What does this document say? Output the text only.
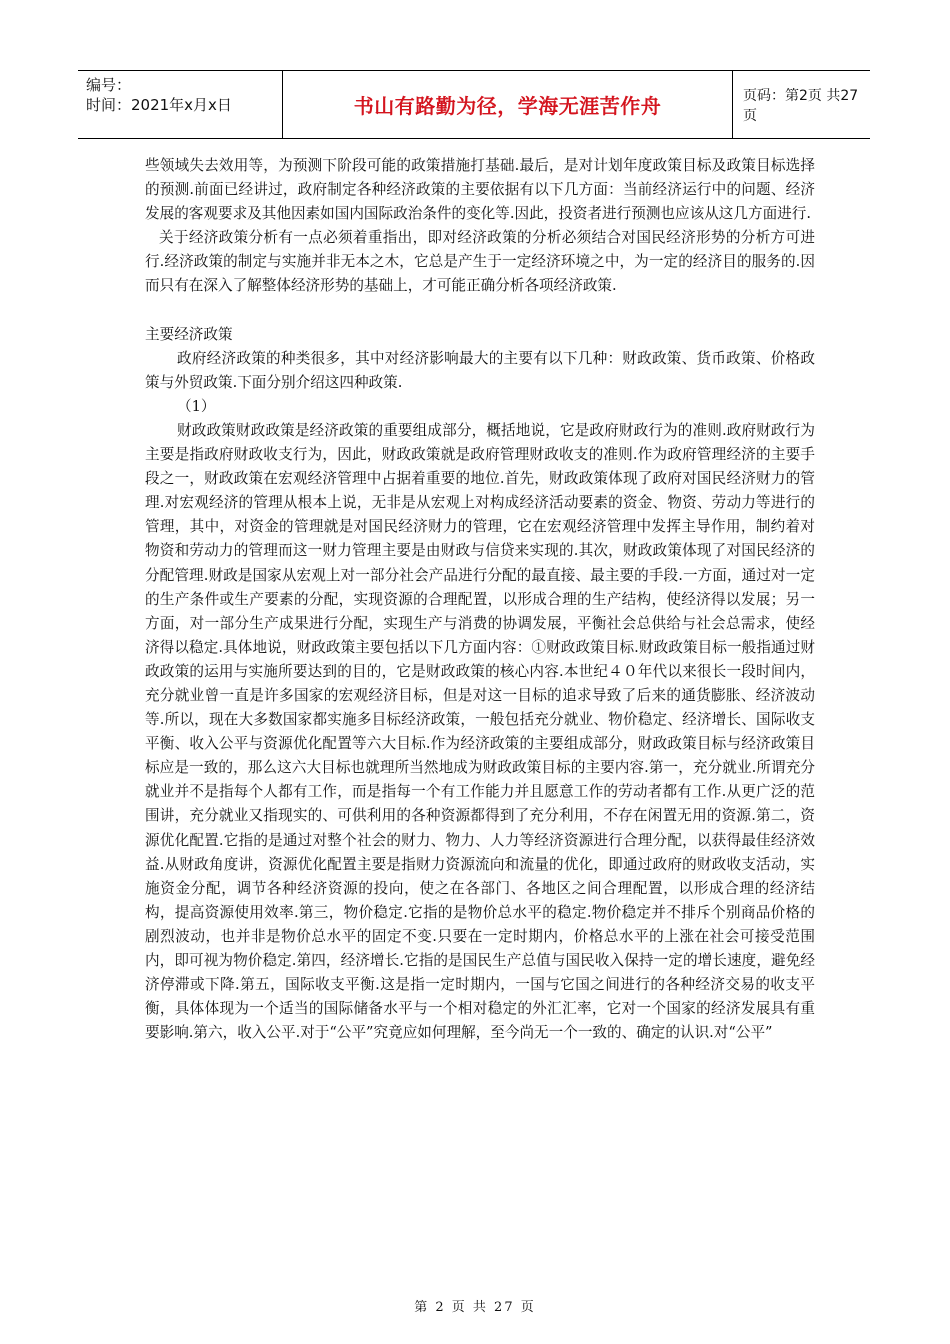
编号：
时间：2021年x月x日	书山有路勤为径，学海无涯苦作舟	页码：第2页 共27页

些领域失去效用等，为预测下阶段可能的政策措施打基础.最后，是对计划年度政策目标及政策目标选择的预测.前面已经讲过，政府制定各种经济政策的主要依据有以下几方面：当前经济运行中的问题、经济发展的客观要求及其他因素如国内国际政治条件的变化等.因此，投资者进行预测也应该从这几方面进行.

关于经济政策分析有一点必须着重指出，即对经济政策的分析必须结合对国民经济形势的分析方可进行.经济政策的制定与实施并非无本之木，它总是产生于一定经济环境之中，为一定的经济目的服务的.因而只有在深入了解整体经济形势的基础上，才可能正确分析各项经济政策.

主要经济政策

政府经济政策的种类很多，其中对经济影响最大的主要有以下几种：财政政策、货币政策、价格政策与外贸政策.下面分别介绍这四种政策.

（1）

财政政策财政政策是经济政策的重要组成部分，概括地说，它是政府财政行为的准则.政府财政行为主要是指政府财政收支行为，因此，财政政策就是政府管理财政收支的准则.作为政府管理经济的主要手段之一，财政政策在宏观经济管理中占据着重要的地位.首先，财政政策体现了政府对国民经济财力的管理.对宏观经济的管理从根本上说，无非是从宏观上对构成经济活动要素的资金、物资、劳动力等进行的管理，其中，对资金的管理就是对国民经济财力的管理，它在宏观经济管理中发挥主导作用，制约着对物资和劳动力的管理而这一财力管理主要是由财政与信贷来实现的.其次，财政政策体现了对国民经济的分配管理.财政是国家从宏观上对一部分社会产品进行分配的最直接、最主要的手段.一方面，通过对一定的生产条件或生产要素的分配，实现资源的合理配置，以形成合理的生产结构，使经济得以发展；另一方面，对一部分生产成果进行分配，实现生产与消费的协调发展，平衡社会总供给与社会总需求，使经济得以稳定.具体地说，财政政策主要包括以下几方面内容：①财政政策目标.财政政策目标一般指通过财政政策的运用与实施所要达到的目的，它是财政政策的核心内容.本世纪４０年代以来很长一段时间内，充分就业曾一直是许多国家的宏观经济目标，但是对这一目标的追求导致了后来的通货膨胀、经济波动等.所以，现在大多数国家都实施多目标经济政策，一般包括充分就业、物价稳定、经济增长、国际收支平衡、收入公平与资源优化配置等六大目标.作为经济政策的主要组成部分，财政政策目标与经济政策目标应是一致的，那么这六大目标也就理所当然地成为财政政策目标的主要内容.第一，充分就业.所谓充分就业并不是指每个人都有工作，而是指每一个有工作能力并且愿意工作的劳动者都有工作.从更广泛的范围讲，充分就业又指现实的、可供利用的各种资源都得到了充分利用，不存在闲置无用的资源.第二，资源优化配置.它指的是通过对整个社会的财力、物力、人力等经济资源进行合理分配，以获得最佳经济效益.从财政角度讲，资源优化配置主要是指财力资源流向和流量的优化，即通过政府的财政收支活动，实施资金分配，调节各种经济资源的投向，使之在各部门、各地区之间合理配置，以形成合理的经济结构，提高资源使用效率.第三，物价稳定.它指的是物价总水平的稳定.物价稳定并不排斥个别商品价格的剧烈波动，也并非是物价总水平的固定不变.只要在一定时期内，价格总水平的上涨在社会可接受范围内，即可视为物价稳定.第四，经济增长.它指的是国民生产总值与国民收入保持一定的增长速度，避免经济停滞或下降.第五，国际收支平衡.这是指一定时期内，一国与它国之间进行的各种经济交易的收支平衡，具体体现为一个适当的国际储备水平与一个相对稳定的外汇汇率，它对一个国家的经济发展具有重要影响.第六，收入公平.对于“公平”究竟应如何理解，至今尚无一个一致的、确定的认识.对“公平”

第 2 页 共 27 页
